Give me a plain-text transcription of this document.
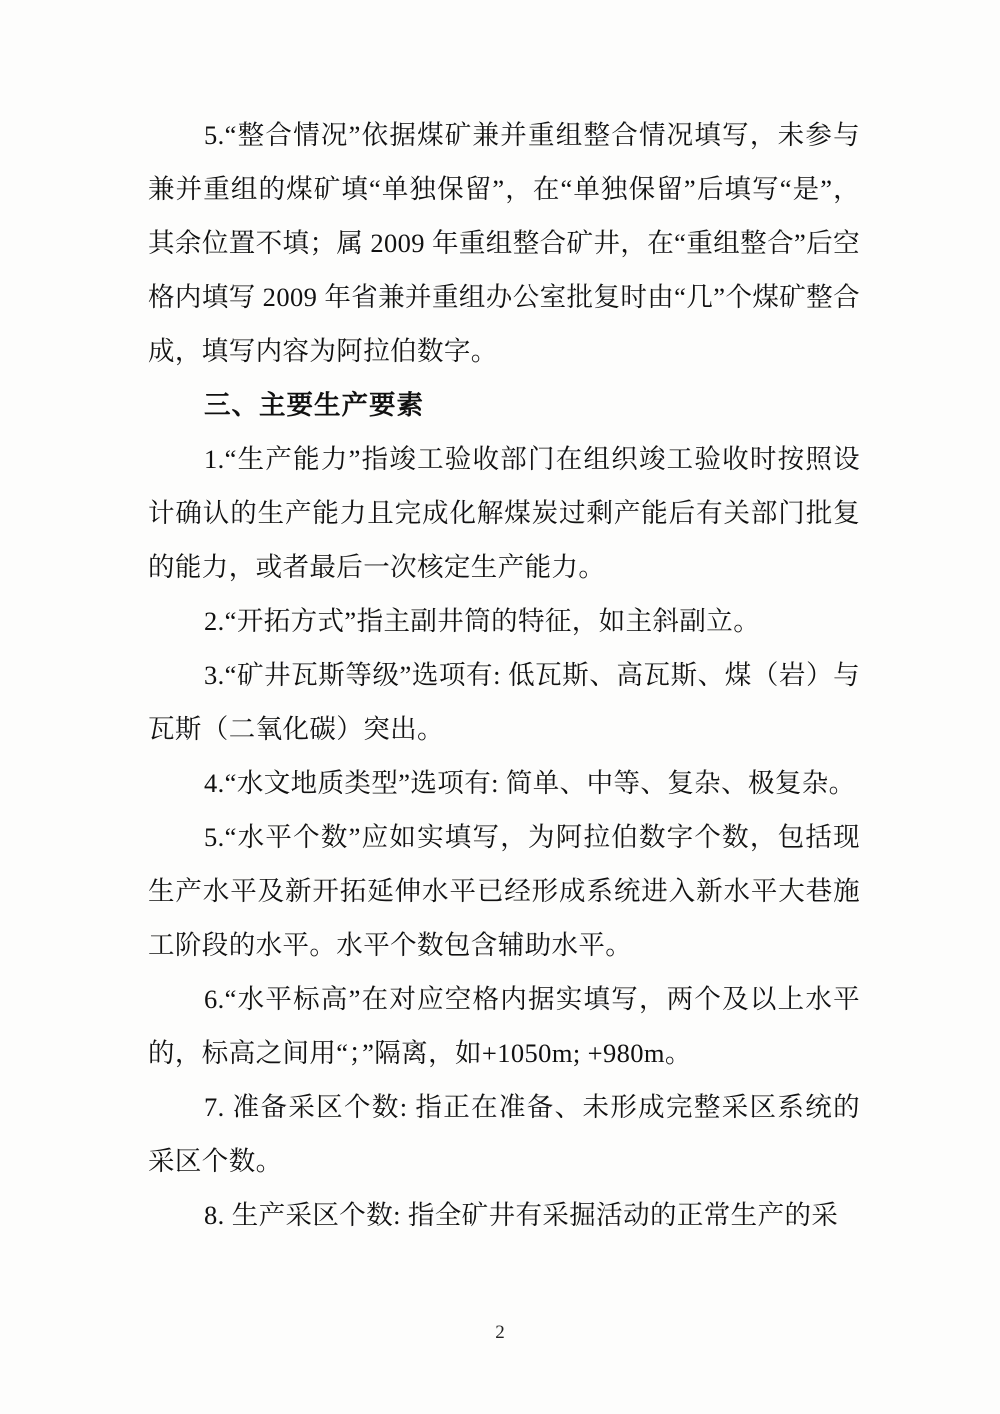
5.“整合情况”依据煤矿兼并重组整合情况填写，未参与兼并重组的煤矿填“单独保留”，在“单独保留”后填写“是”，其余位置不填；属 2009 年重组整合矿井，在“重组整合”后空格内填写 2009 年省兼并重组办公室批复时由“几”个煤矿整合成，填写内容为阿拉伯数字。

三、主要生产要素

1.“生产能力”指竣工验收部门在组织竣工验收时按照设计确认的生产能力且完成化解煤炭过剩产能后有关部门批复的能力，或者最后一次核定生产能力。

2.“开拓方式”指主副井筒的特征，如主斜副立。

3.“矿井瓦斯等级”选项有: 低瓦斯、高瓦斯、煤（岩）与瓦斯（二氧化碳）突出。

4.“水文地质类型”选项有: 简单、中等、复杂、极复杂。

5.“水平个数”应如实填写，为阿拉伯数字个数，包括现生产水平及新开拓延伸水平已经形成系统进入新水平大巷施工阶段的水平。水平个数包含辅助水平。

6.“水平标高”在对应空格内据实填写，两个及以上水平的，标高之间用“；”隔离，如+1050m; +980m。

7. 准备采区个数: 指正在准备、未形成完整采区系统的采区个数。

8. 生产采区个数: 指全矿井有采掘活动的正常生产的采

2
